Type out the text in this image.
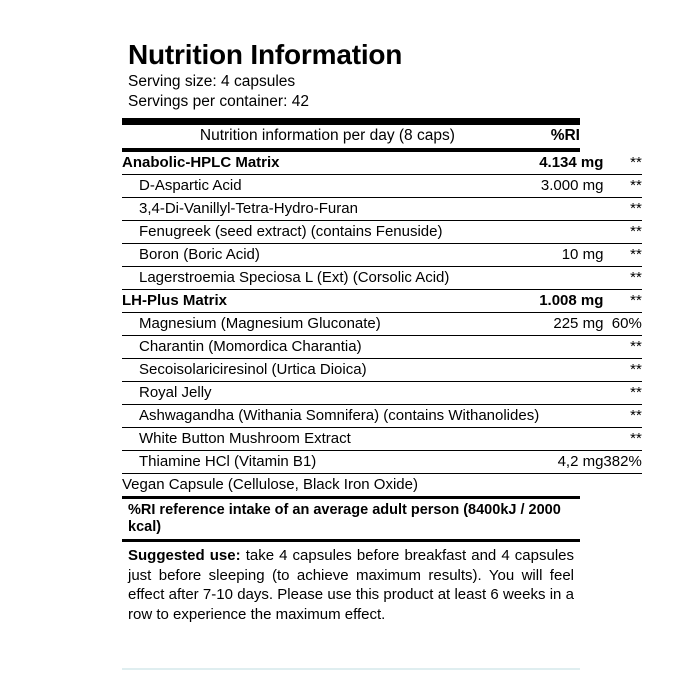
Nutrition Information
Serving size: 4 capsules
Servings per container: 42
Nutrition information per day (8 caps)	%RI
Anabolic-HPLC Matrix	4.134 mg	**
D-Aspartic Acid	3.000 mg	**
3,4-Di-Vanillyl-Tetra-Hydro-Furan		**
Fenugreek (seed extract) (contains Fenuside)		**
Boron (Boric Acid)	10 mg	**
Lagerstroemia Speciosa L (Ext) (Corsolic Acid)		**
LH-Plus Matrix	1.008 mg	**
Magnesium (Magnesium Gluconate)	225 mg	60%
Charantin (Momordica Charantia)		**
Secoisolariciresinol (Urtica Dioica)		**
Royal Jelly		**
Ashwagandha (Withania Somnifera) (contains Withanolides)		**
White Button Mushroom Extract		**
Thiamine HCl (Vitamin B1)	4,2 mg	382%
Vegan Capsule (Cellulose, Black Iron Oxide)		
%RI reference intake of an average adult person (8400kJ / 2000 kcal)
Suggested use: take 4 capsules before breakfast and 4 capsules just before sleeping (to achieve maximum results). You will feel effect after 7-10 days. Please use this product at least 6 weeks in a row to experience the maximum effect.
